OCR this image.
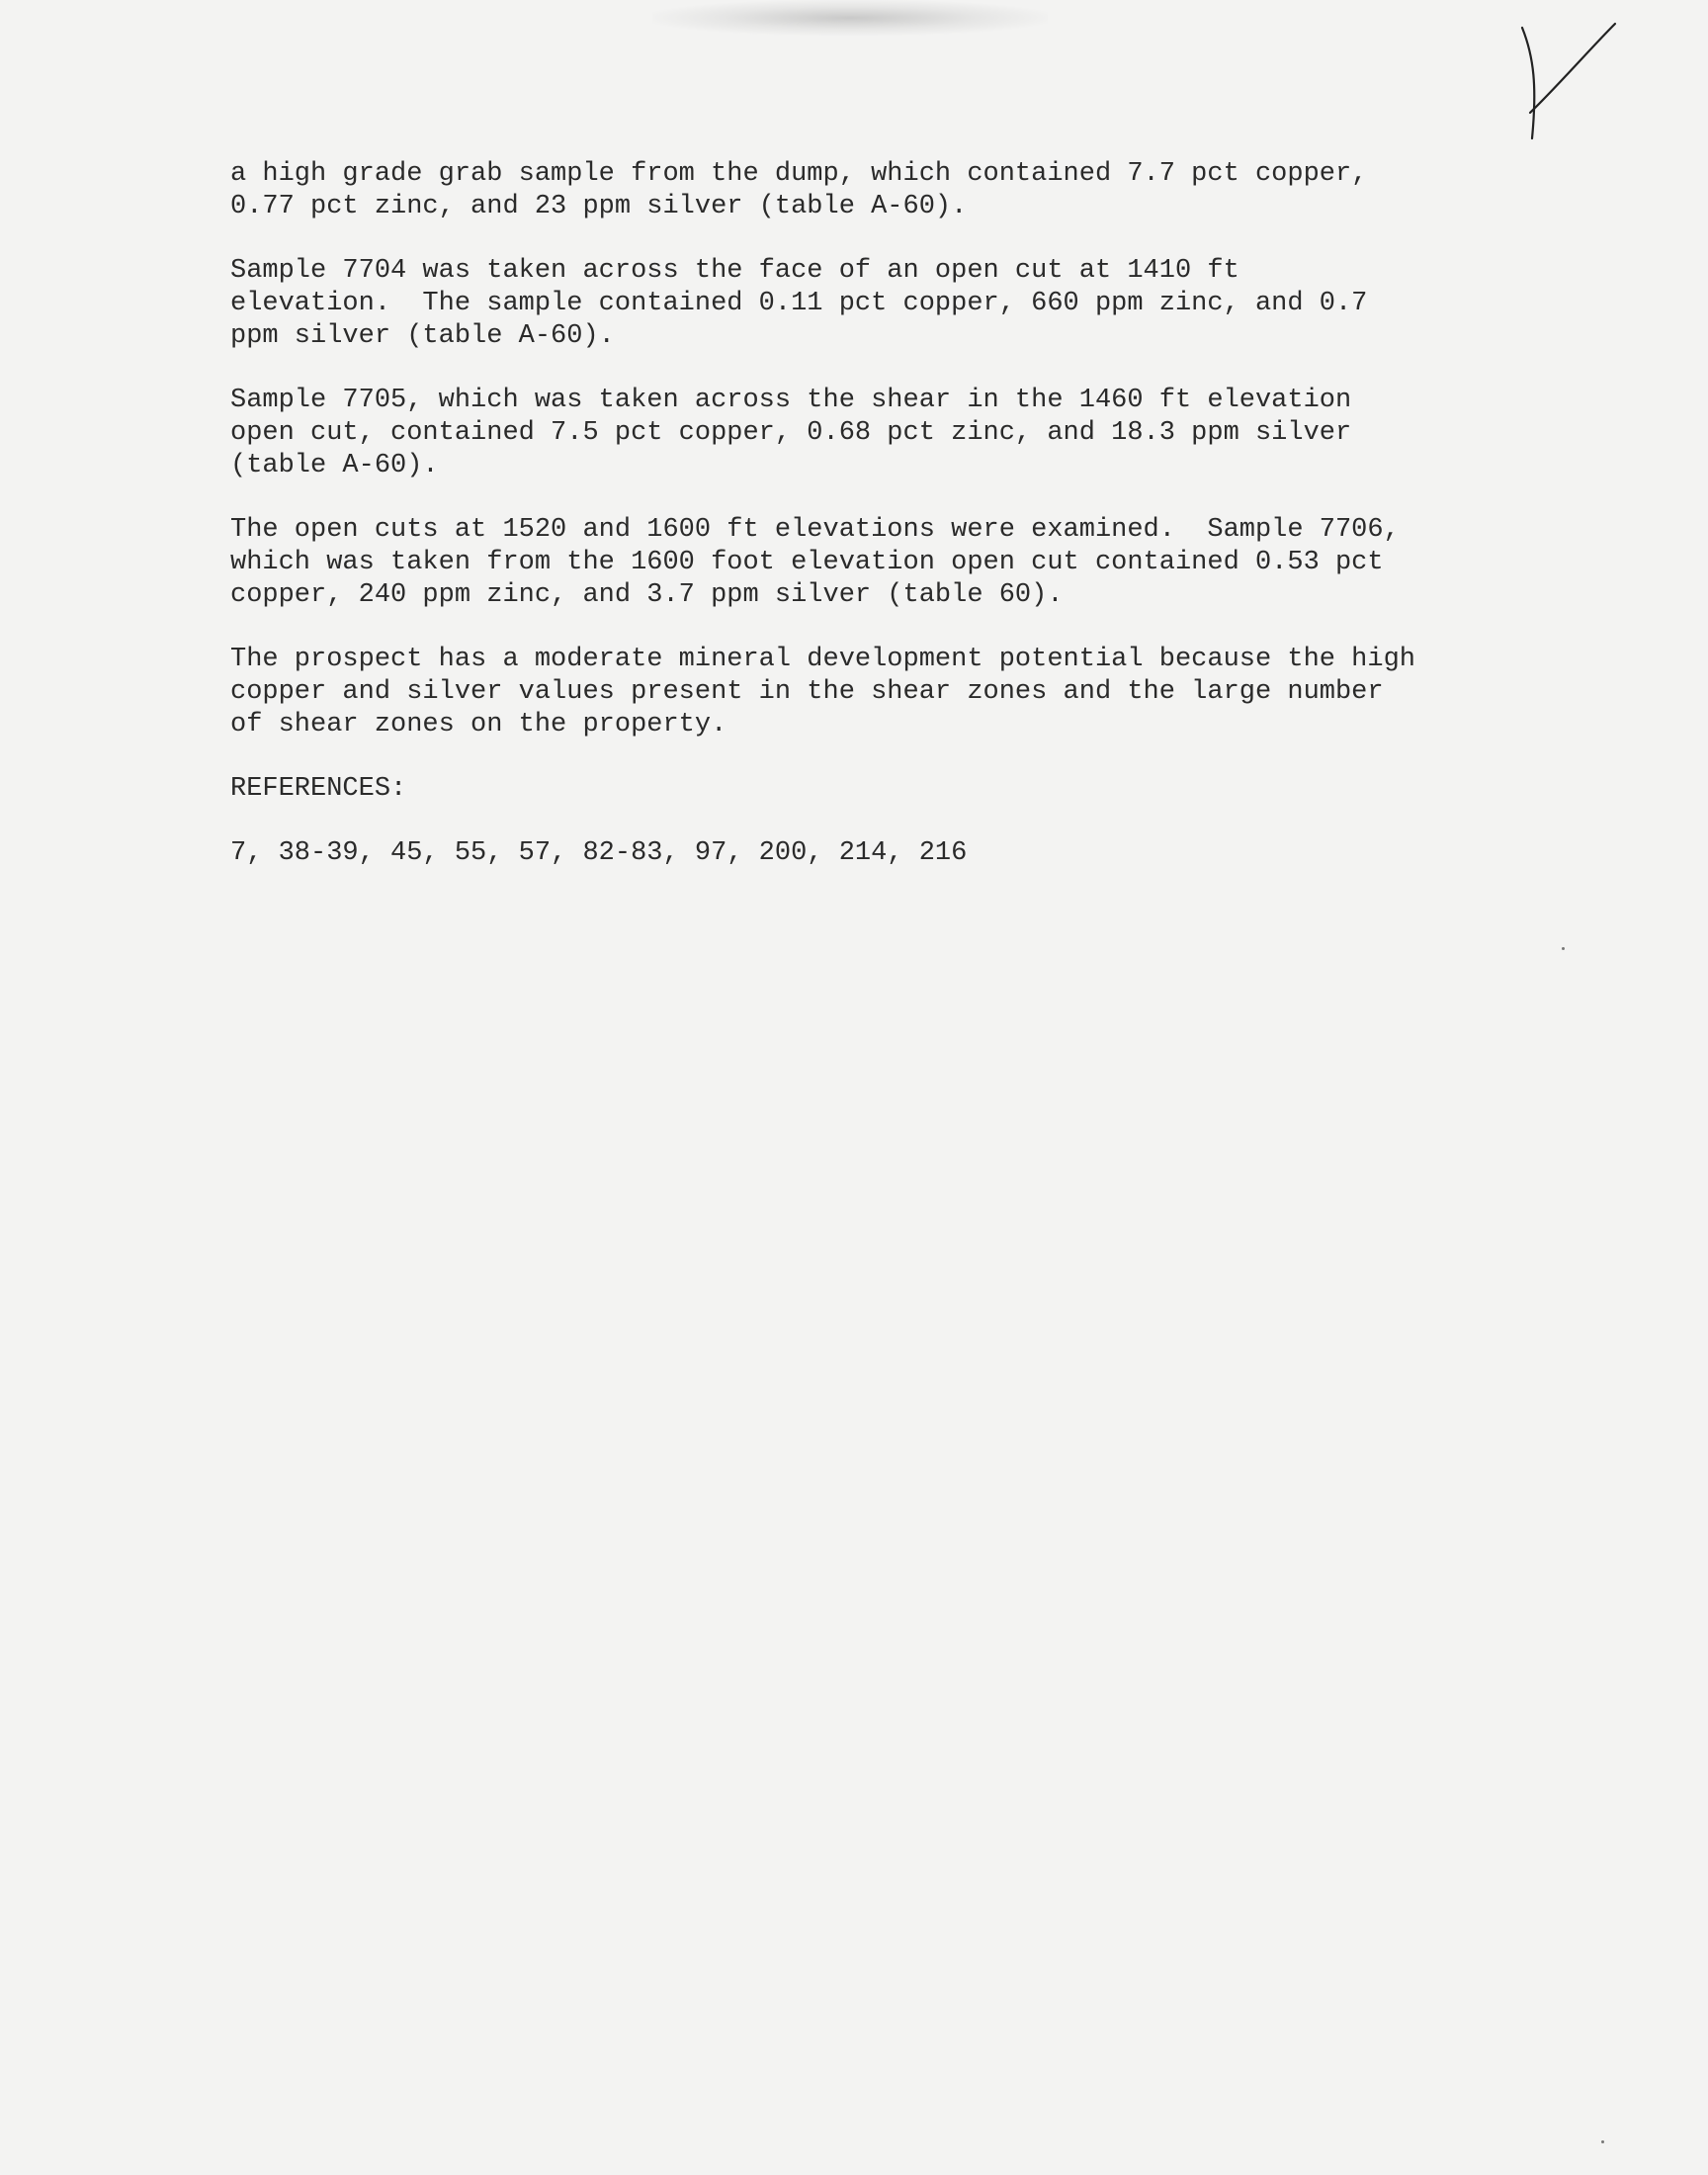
a high grade grab sample from the dump, which contained 7.7 pct copper,
0.77 pct zinc, and 23 ppm silver (table A-60).
Sample 7704 was taken across the face of an open cut at 1410 ft
elevation.  The sample contained 0.11 pct copper, 660 ppm zinc, and 0.7
ppm silver (table A-60).
Sample 7705, which was taken across the shear in the 1460 ft elevation
open cut, contained 7.5 pct copper, 0.68 pct zinc, and 18.3 ppm silver
(table A-60).
The open cuts at 1520 and 1600 ft elevations were examined.  Sample 7706,
which was taken from the 1600 foot elevation open cut contained 0.53 pct
copper, 240 ppm zinc, and 3.7 ppm silver (table 60).
The prospect has a moderate mineral development potential because the high
copper and silver values present in the shear zones and the large number
of shear zones on the property.
REFERENCES:
7, 38-39, 45, 55, 57, 82-83, 97, 200, 214, 216
